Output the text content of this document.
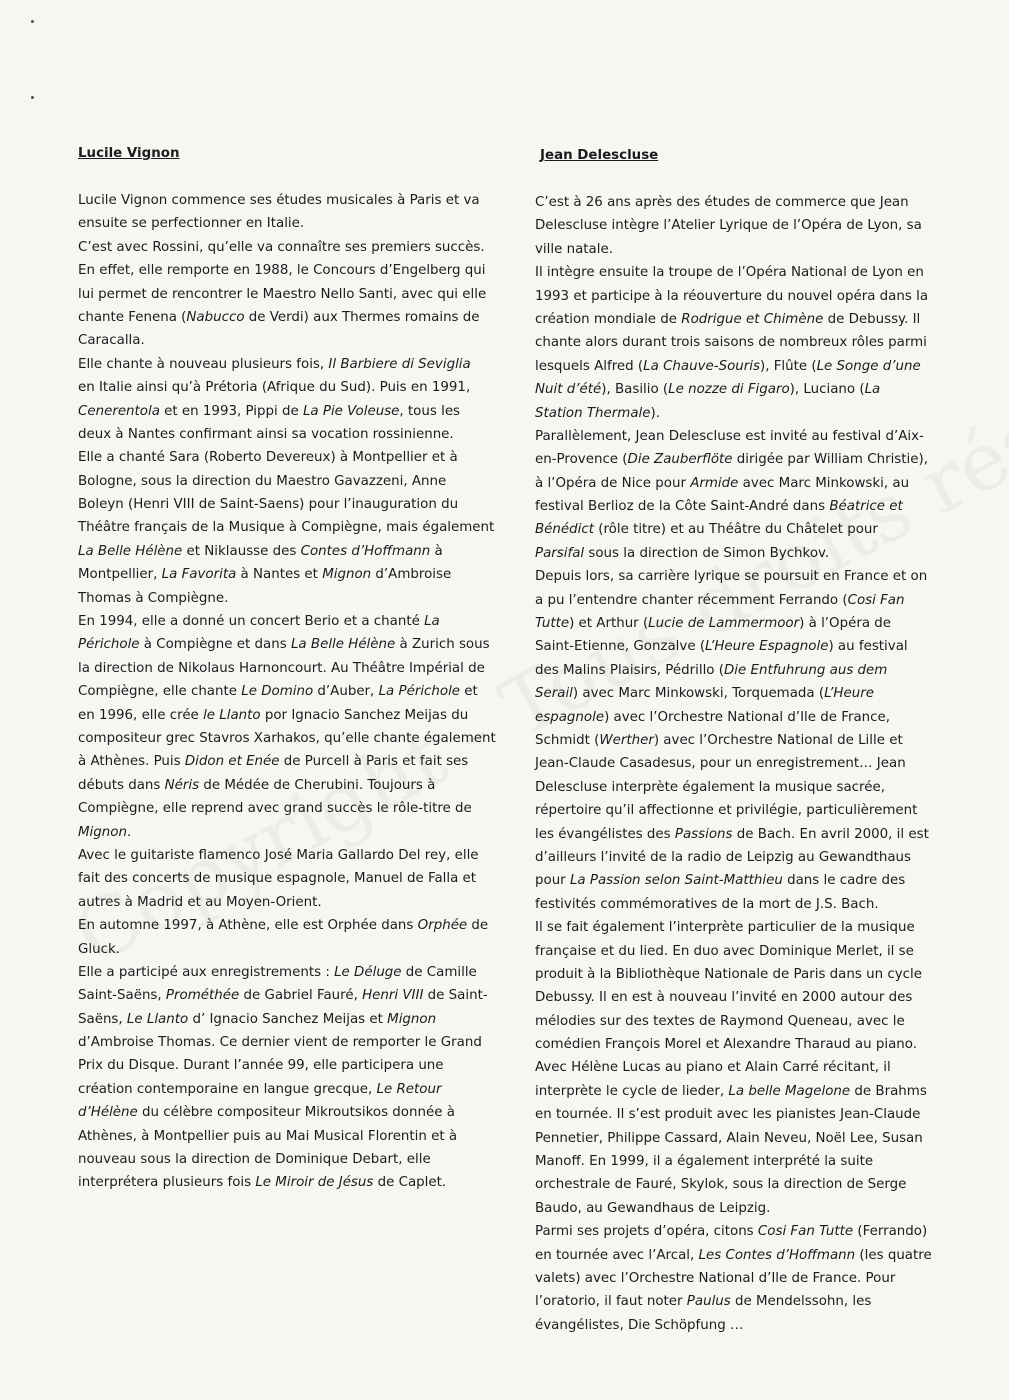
Lucile Vignon
Lucile Vignon commence ses études musicales à Paris et va
ensuite se perfectionner en Italie.
C’est avec Rossini, qu’elle va connaître ses premiers succès.
En effet, elle remporte en 1988, le Concours d’Engelberg qui
lui permet de rencontrer le Maestro Nello Santi, avec qui elle
chante Fenena (Nabucco de Verdi) aux Thermes romains de
Caracalla.
Elle chante à nouveau plusieurs fois, Il Barbiere di Seviglia
en Italie ainsi qu’à Prétoria (Afrique du Sud). Puis en 1991,
Cenerentola et en 1993, Pippi de La Pie Voleuse, tous les
deux à Nantes confirmant ainsi sa vocation rossinienne.
Elle a chanté Sara (Roberto Devereux) à Montpellier et à
Bologne, sous la direction du Maestro Gavazzeni, Anne
Boleyn (Henri VIII de Saint-Saens) pour l’inauguration du
Théâtre français de la Musique à Compiègne, mais également
La Belle Hélène et Niklausse des Contes d’Hoffmann à
Montpellier, La Favorita à Nantes et Mignon d’Ambroise
Thomas à Compiègne.
En 1994, elle a donné un concert Berio et a chanté La
Périchole à Compiègne et dans La Belle Hélène à Zurich sous
la direction de Nikolaus Harnoncourt. Au Théâtre Impérial de
Compiègne, elle chante Le Domino d’Auber, La Périchole et
en 1996, elle crée le Llanto por Ignacio Sanchez Meijas du
compositeur grec Stavros Xarhakos, qu’elle chante également
à Athènes. Puis Didon et Enée de Purcell à Paris et fait ses
débuts dans Néris de Médée de Cherubini. Toujours à
Compiègne, elle reprend avec grand succès le rôle-titre de
Mignon.
Avec le guitariste flamenco José Maria Gallardo Del rey, elle
fait des concerts de musique espagnole, Manuel de Falla et
autres à Madrid et au Moyen-Orient.
En automne 1997, à Athène, elle est Orphée dans Orphée de
Gluck.
Elle a participé aux enregistrements : Le Déluge de Camille
Saint-Saëns, Prométhée de Gabriel Fauré, Henri VIII de Saint-
Saëns, Le Llanto d’ Ignacio Sanchez Meijas et Mignon
d’Ambroise Thomas. Ce dernier vient de remporter le Grand
Prix du Disque. Durant l’année 99, elle participera une
création contemporaine en langue grecque, Le Retour
d’Hélène du célèbre compositeur Mikroutsikos donnée à
Athènes, à Montpellier puis au Mai Musical Florentin et à
nouveau sous la direction de Dominique Debart, elle
interprétera plusieurs fois Le Miroir de Jésus de Caplet.
Jean Delescluse
C’est à 26 ans après des études de commerce que Jean
Delescluse intègre l’Atelier Lyrique de l’Opéra de Lyon, sa
ville natale.
Il intègre ensuite la troupe de l’Opéra National de Lyon en
1993 et participe à la réouverture du nouvel opéra dans la
création mondiale de Rodrigue et Chimène de Debussy. Il
chante alors durant trois saisons de nombreux rôles parmi
lesquels Alfred (La Chauve-Souris), Flûte (Le Songe d’une
Nuit d’été), Basilio (Le nozze di Figaro), Luciano (La
Station Thermale).
Parallèlement, Jean Delescluse est invité au festival d’Aix-
en-Provence (Die Zauberflöte dirigée par William Christie),
à l’Opéra de Nice pour Armide avec Marc Minkowski, au
festival Berlioz de la Côte Saint-André dans Béatrice et
Bénédict (rôle titre) et au Théâtre du Châtelet pour
Parsifal sous la direction de Simon Bychkov.
Depuis lors, sa carrière lyrique se poursuit en France et on
a pu l’entendre chanter récemment Ferrando (Cosi Fan
Tutte) et Arthur (Lucie de Lammermoor) à l’Opéra de
Saint-Etienne, Gonzalve (L’Heure Espagnole) au festival
des Malins Plaisirs, Pédrillo (Die Entfuhrung aus dem
Serail) avec Marc Minkowski, Torquemada (L’Heure
espagnole) avec l’Orchestre National d’Ile de France,
Schmidt (Werther) avec l’Orchestre National de Lille et
Jean-Claude Casadesus, pour un enregistrement… Jean
Delescluse interprète également la musique sacrée,
répertoire qu’il affectionne et privilégie, particulièrement
les évangélistes des Passions de Bach. En avril 2000, il est
d’ailleurs l’invité de la radio de Leipzig au Gewandthaus
pour La Passion selon Saint-Matthieu dans le cadre des
festivités commémoratives de la mort de J.S. Bach.
Il se fait également l’interprète particulier de la musique
française et du lied. En duo avec Dominique Merlet, il se
produit à la Bibliothèque Nationale de Paris dans un cycle
Debussy. Il en est à nouveau l’invité en 2000 autour des
mélodies sur des textes de Raymond Queneau, avec le
comédien François Morel et Alexandre Tharaud au piano.
Avec Hélène Lucas au piano et Alain Carré récitant, il
interprète le cycle de lieder, La belle Magelone de Brahms
en tournée. Il s’est produit avec les pianistes Jean-Claude
Pennetier, Philippe Cassard, Alain Neveu, Noël Lee, Susan
Manoff. En 1999, il a également interprété la suite
orchestrale de Fauré, Skylok, sous la direction de Serge
Baudo, au Gewandhaus de Leipzig.
Parmi ses projets d’opéra, citons Cosi Fan Tutte (Ferrando)
en tournée avec l’Arcal, Les Contes d’Hoffmann (les quatre
valets) avec l’Orchestre National d’Ile de France. Pour
l’oratorio, il faut noter Paulus de Mendelssohn, les
évangélistes, Die Schöpfung …
